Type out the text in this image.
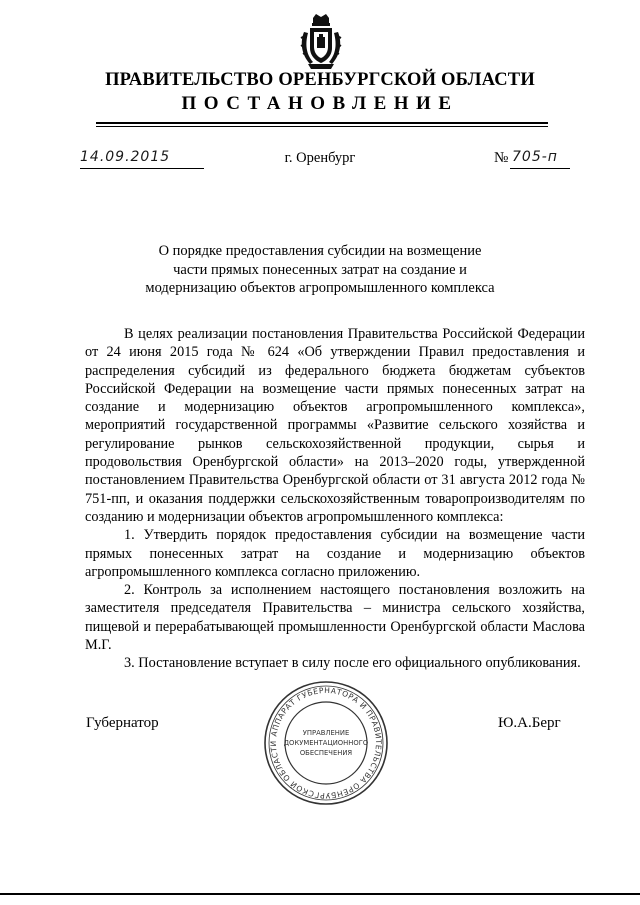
ПРАВИТЕЛЬСТВО ОРЕНБУРГСКОЙ ОБЛАСТИ
ПОСТАНОВЛЕНИЕ
14.09.2015	г. Оренбург	№ 705-п
О порядке предоставления субсидии на возмещение
части прямых понесенных затрат на создание и
модернизацию объектов агропромышленного комплекса

В целях реализации постановления Правительства Российской Федерации от 24 июня 2015 года № 624 «Об утверждении Правил предоставления и распределения субсидий из федерального бюджета бюджетам субъектов Российской Федерации на возмещение части прямых понесенных затрат на создание и модернизацию объектов агропромышленного комплекса», мероприятий государственной программы «Развитие сельского хозяйства и регулирование рынков сельскохозяйственной продукции, сырья и продовольствия Оренбургской области» на 2013–2020 годы, утвержденной постановлением Правительства Оренбургской области от 31 августа 2012 года № 751-пп, и оказания поддержки сельскохозяйственным товаропроизводителям по созданию и модернизации объектов агропромышленного комплекса:

1. Утвердить порядок предоставления субсидии на возмещение части прямых понесенных затрат на создание и модернизацию объектов агропромышленного комплекса согласно приложению.

2. Контроль за исполнением настоящего постановления возложить на заместителя председателя Правительства – министра сельского хозяйства, пищевой и перерабатывающей промышленности Оренбургской области Маслова М.Г.

3. Постановление вступает в силу после его официального опубликования.

Губернатор
АППАРАТ ГУБЕРНАТОРА И ПРАВИТЕЛЬСТВА ОРЕНБУРГСКОЙ ОБЛАСТИ
УПРАВЛЕНИЕ
ДОКУМЕНТАЦИОННОГО
ОБЕСПЕЧЕНИЯ
Ю.А.Берг
